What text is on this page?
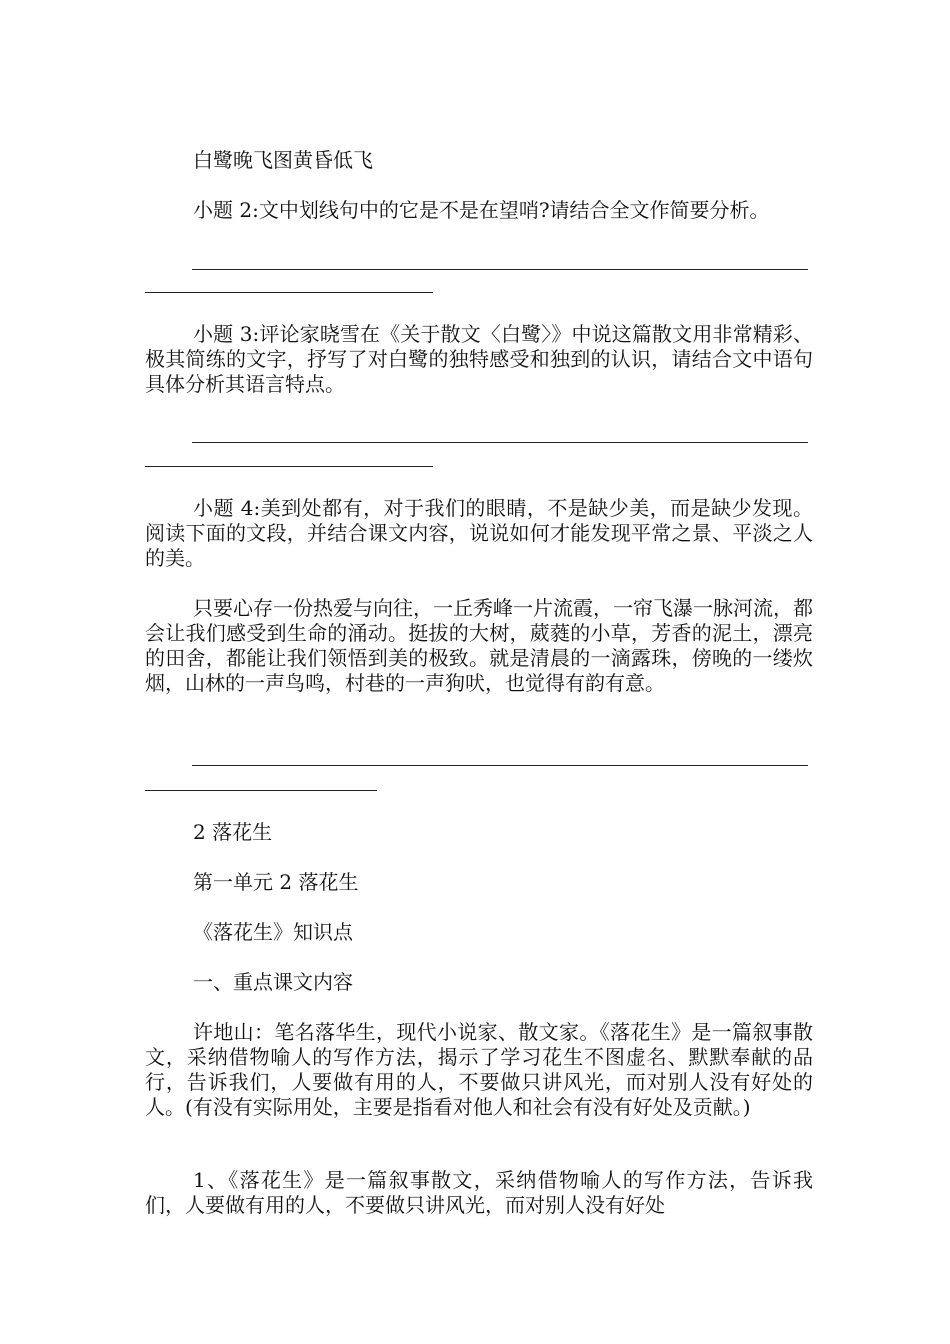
白鹭晚飞图黄昏低飞

小题 2:文中划线句中的它是不是在望哨?请结合全文作简要分析。

小题 3:评论家晓雪在《关于散文〈白鹭〉》中说这篇散文用非常精彩、极其简练的文字，抒写了对白鹭的独特感受和独到的认识，请结合文中语句具体分析其语言特点。

小题 4:美到处都有，对于我们的眼睛，不是缺少美，而是缺少发现。阅读下面的文段，并结合课文内容，说说如何才能发现平常之景、平淡之人的美。

只要心存一份热爱与向往，一丘秀峰一片流霞，一帘飞瀑一脉河流，都会让我们感受到生命的涌动。挺拔的大树，葳蕤的小草，芳香的泥土，漂亮的田舍，都能让我们领悟到美的极致。就是清晨的一滴露珠，傍晚的一缕炊烟，山林的一声鸟鸣，村巷的一声狗吠，也觉得有韵有意。

2 落花生

第一单元 2 落花生

《落花生》知识点

一、重点课文内容

许地山：笔名落华生，现代小说家、散文家。《落花生》是一篇叙事散文，采纳借物喻人的写作方法，揭示了学习花生不图虚名、默默奉献的品行，告诉我们，人要做有用的人，不要做只讲风光，而对别人没有好处的人。(有没有实际用处，主要是指看对他人和社会有没有好处及贡献。)

1、《落花生》是一篇叙事散文，采纳借物喻人的写作方法，告诉我们，人要做有用的人，不要做只讲风光，而对别人没有好处
